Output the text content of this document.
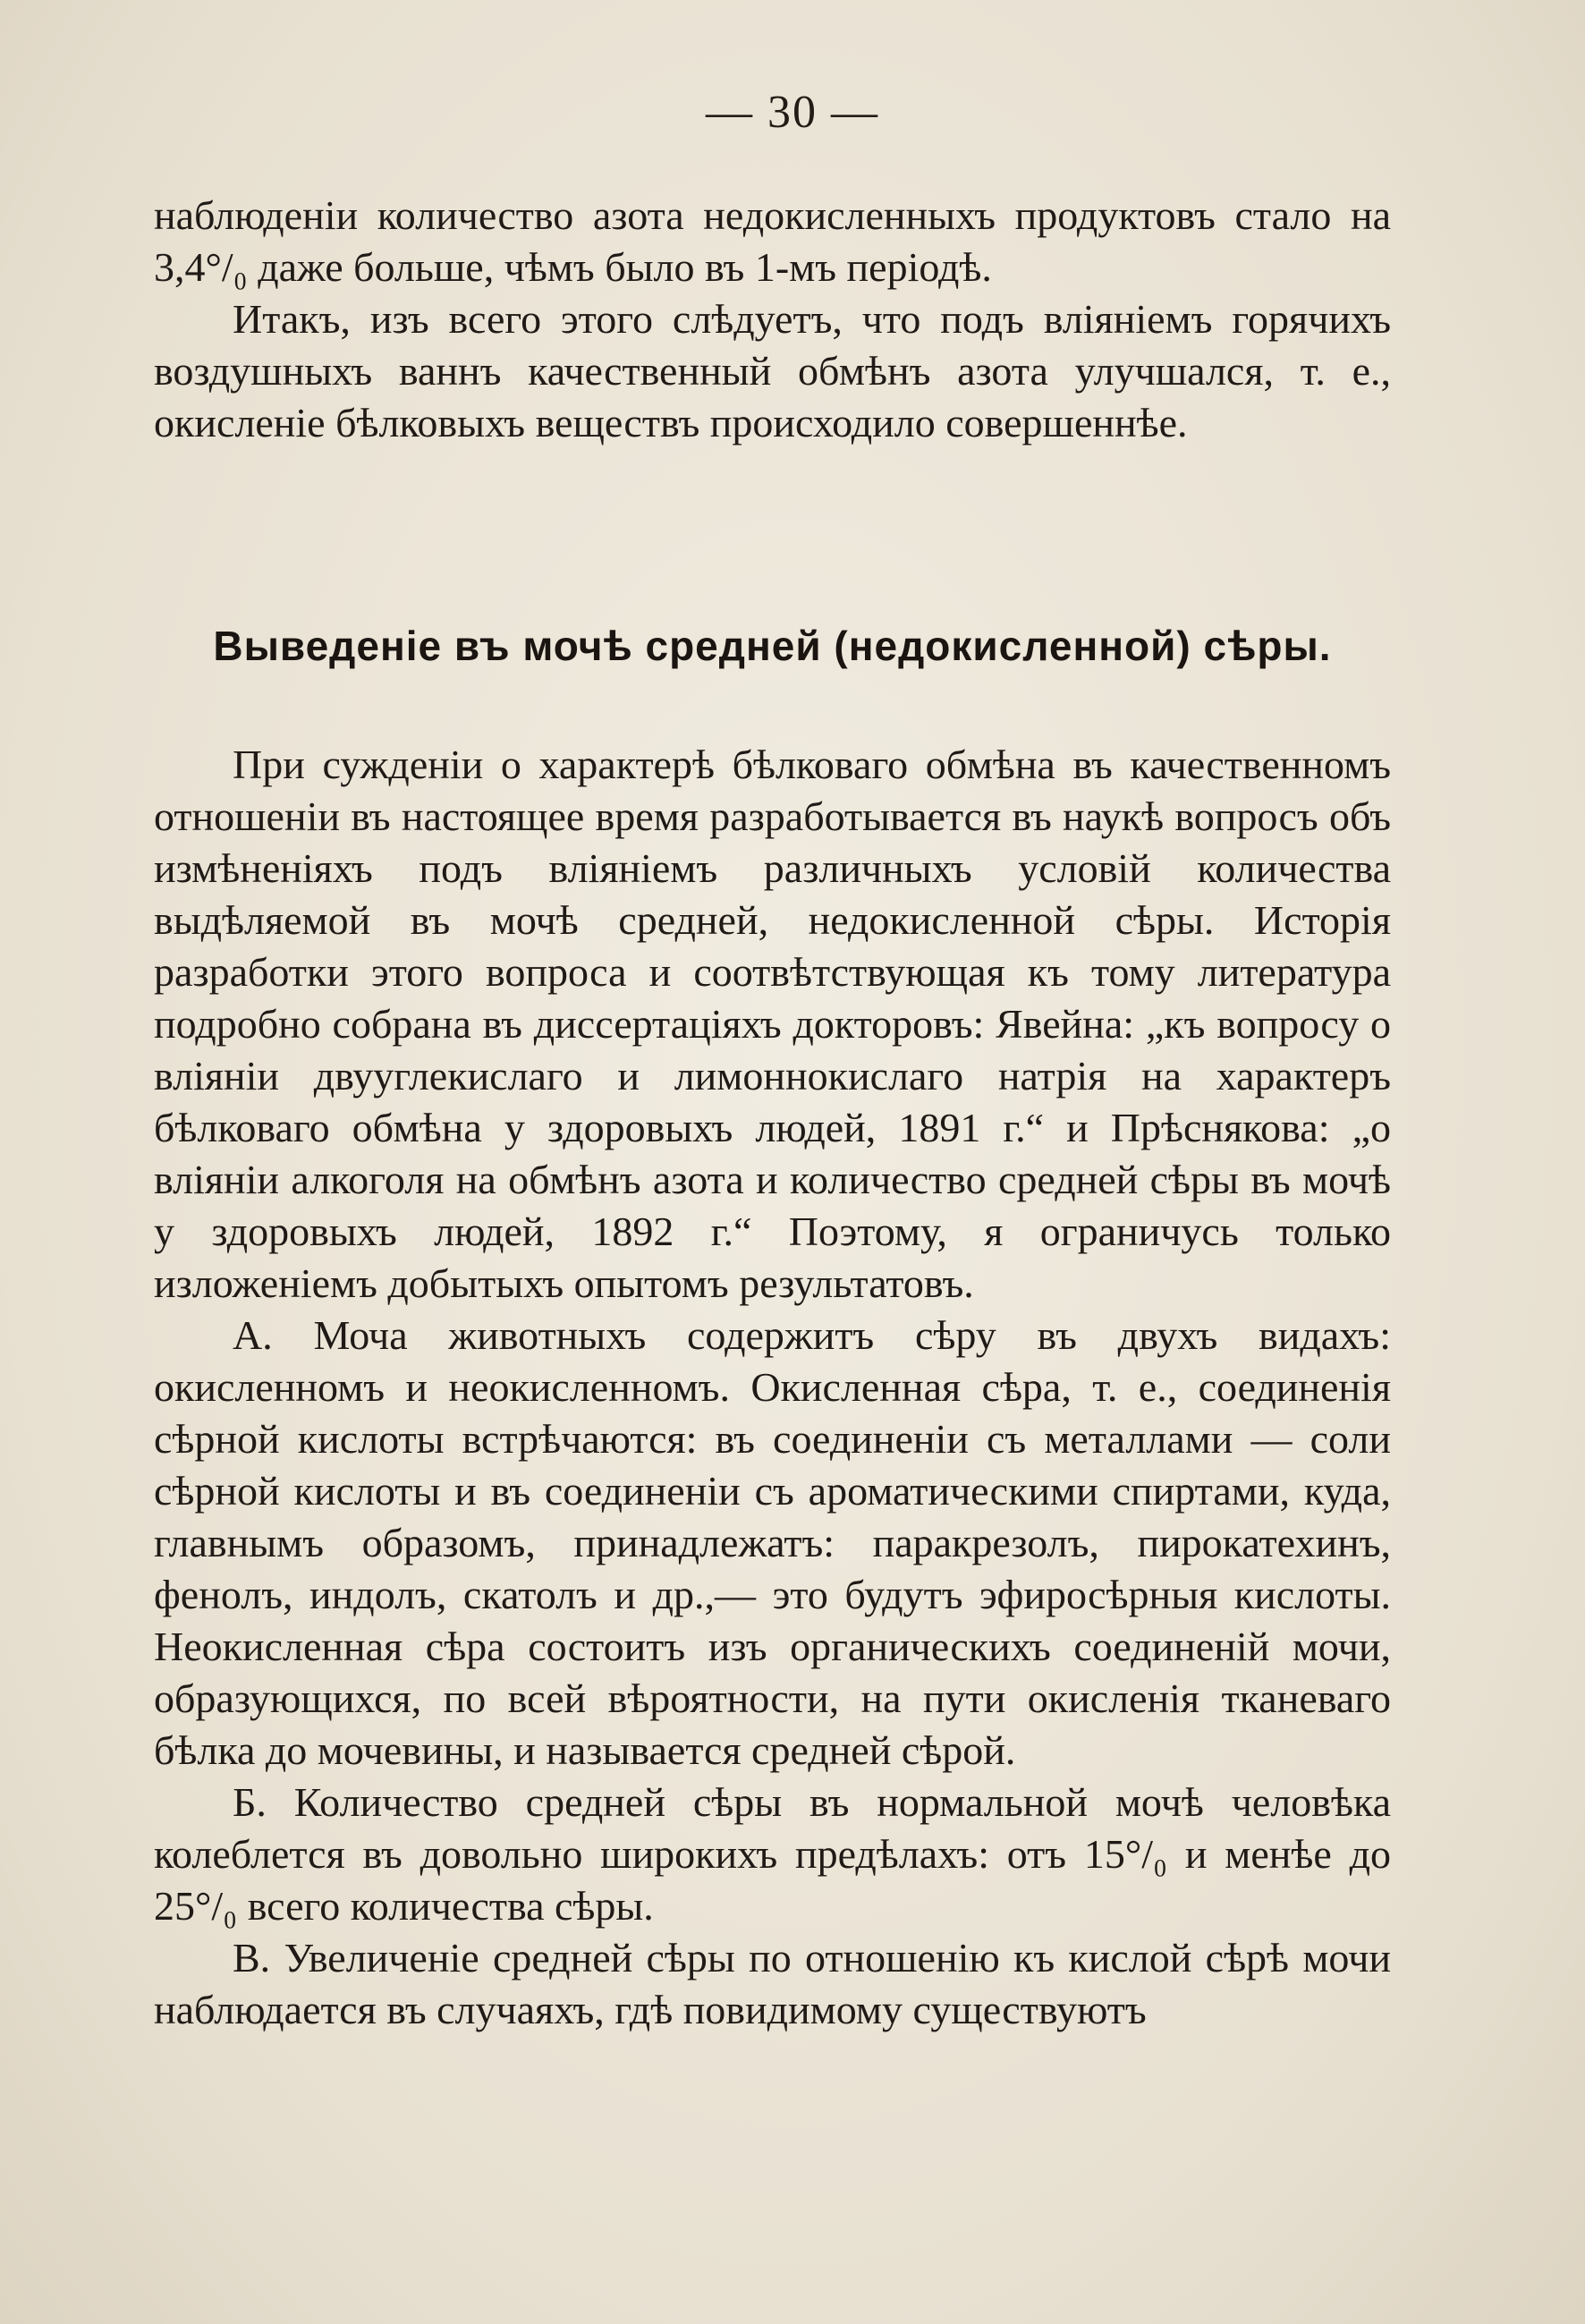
— 30 —

наблюденіи количество азота недокисленныхъ продуктовъ стало на 3,4°/₀ даже больше, чѣмъ было въ 1-мъ періодѣ.

Итакъ, изъ всего этого слѣдуетъ, что подъ вліяніемъ горячихъ воздушныхъ ваннъ качественный обмѣнъ азота улучшался, т. е., окисленіе бѣлковыхъ веществъ происходило совершеннѣе.

Выведеніе въ мочѣ средней (недокисленной) сѣры.

При сужденіи о характерѣ бѣлковаго обмѣна въ качественномъ отношеніи въ настоящее время разработывается въ наукѣ вопросъ объ измѣненіяхъ подъ вліяніемъ различныхъ условій количества выдѣляемой въ мочѣ средней, недокисленной сѣры. Исторія разработки этого вопроса и соотвѣтствующая къ тому литература подробно собрана въ диссертаціяхъ докторовъ: Явейна: „къ вопросу о вліяніи двууглекислаго и лимоннокислаго натрія на характеръ бѣлковаго обмѣна у здоровыхъ людей, 1891 г.“ и Прѣснякова: „о вліяніи алкоголя на обмѣнъ азота и количество средней сѣры въ мочѣ у здоровыхъ людей, 1892 г.“ Поэтому, я ограничусь только изложеніемъ добытыхъ опытомъ результатовъ.

А. Моча животныхъ содержитъ сѣру въ двухъ видахъ: окисленномъ и неокисленномъ. Окисленная сѣра, т. е., соединенія сѣрной кислоты встрѣчаются: въ соединеніи съ металлами — соли сѣрной кислоты и въ соединеніи съ ароматическими спиртами, куда, главнымъ образомъ, принадлежатъ: паракрезолъ, пирокатехинъ, фенолъ, индолъ, скатолъ и др.,— это будутъ эфиросѣрныя кислоты. Неокисленная сѣра состоитъ изъ органическихъ соединеній мочи, образующихся, по всей вѣроятности, на пути окисленія тканеваго бѣлка до мочевины, и называется средней сѣрой.

Б. Количество средней сѣры въ нормальной мочѣ человѣка колеблется въ довольно широкихъ предѣлахъ: отъ 15°/₀ и менѣе до 25°/₀ всего количества сѣры.

В. Увеличеніе средней сѣры по отношенію къ кислой сѣрѣ мочи наблюдается въ случаяхъ, гдѣ повидимому существуютъ
